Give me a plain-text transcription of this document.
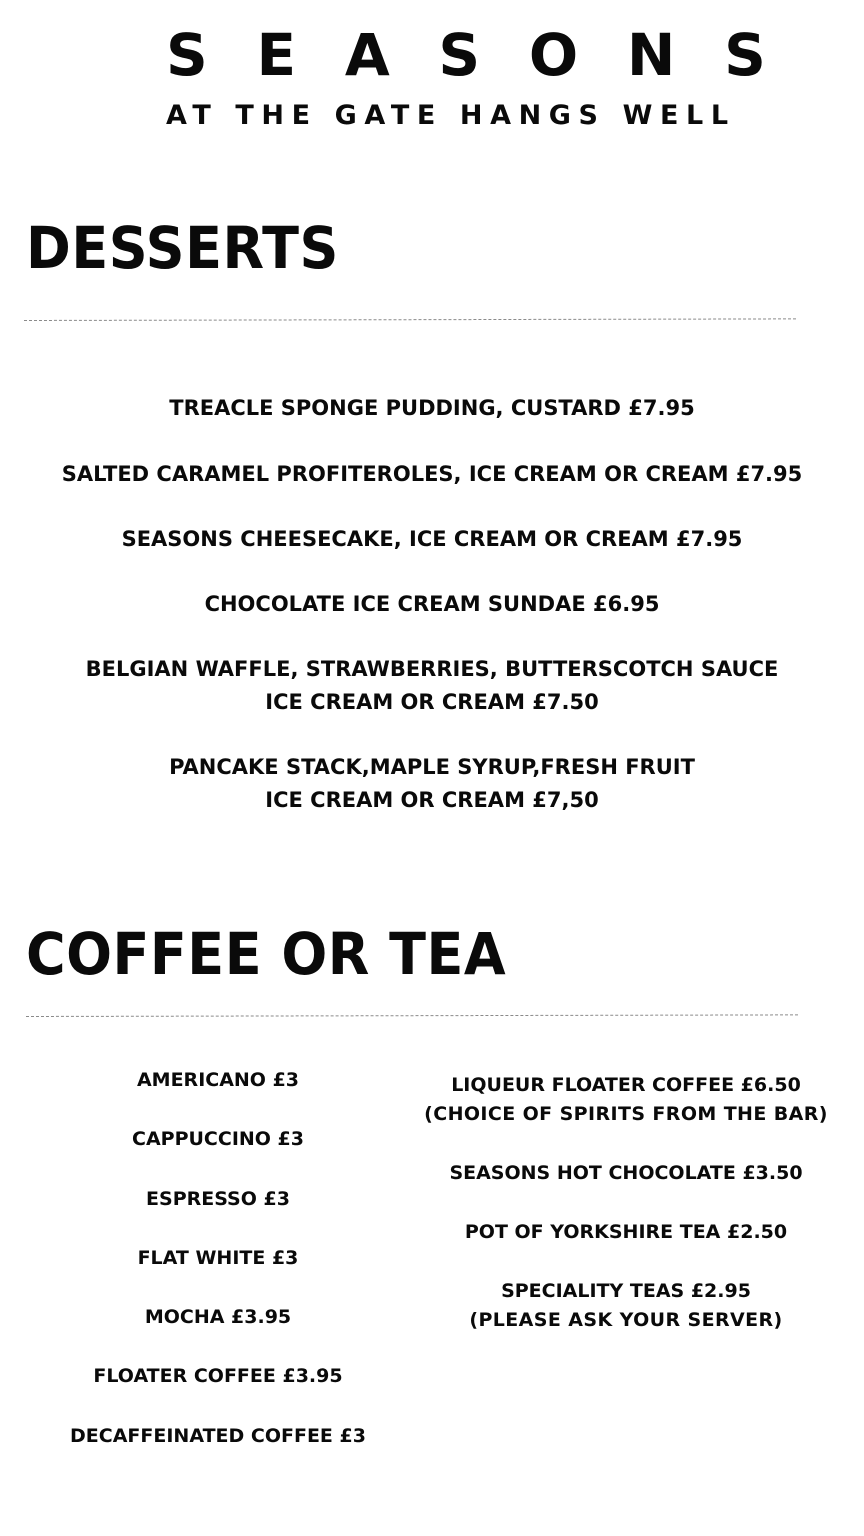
S E A S O N S
AT THE GATE HANGS WELL
DESSERTS
TREACLE SPONGE PUDDING, CUSTARD £7.95
SALTED CARAMEL PROFITEROLES, ICE CREAM OR CREAM £7.95
SEASONS CHEESECAKE, ICE CREAM OR CREAM £7.95
CHOCOLATE ICE CREAM SUNDAE £6.95
BELGIAN WAFFLE, STRAWBERRIES, BUTTERSCOTCH SAUCE
ICE CREAM OR CREAM £7.50
PANCAKE STACK,MAPLE SYRUP,FRESH FRUIT
ICE CREAM OR CREAM £7,50
COFFEE OR TEA
AMERICANO £3
CAPPUCCINO £3
ESPRESSO £3
FLAT WHITE £3
MOCHA £3.95
FLOATER COFFEE £3.95
DECAFFEINATED COFFEE £3
LIQUEUR FLOATER COFFEE £6.50
(CHOICE OF SPIRITS FROM THE BAR)
SEASONS HOT CHOCOLATE £3.50
POT OF YORKSHIRE TEA £2.50
SPECIALITY TEAS £2.95
(PLEASE ASK YOUR SERVER)
